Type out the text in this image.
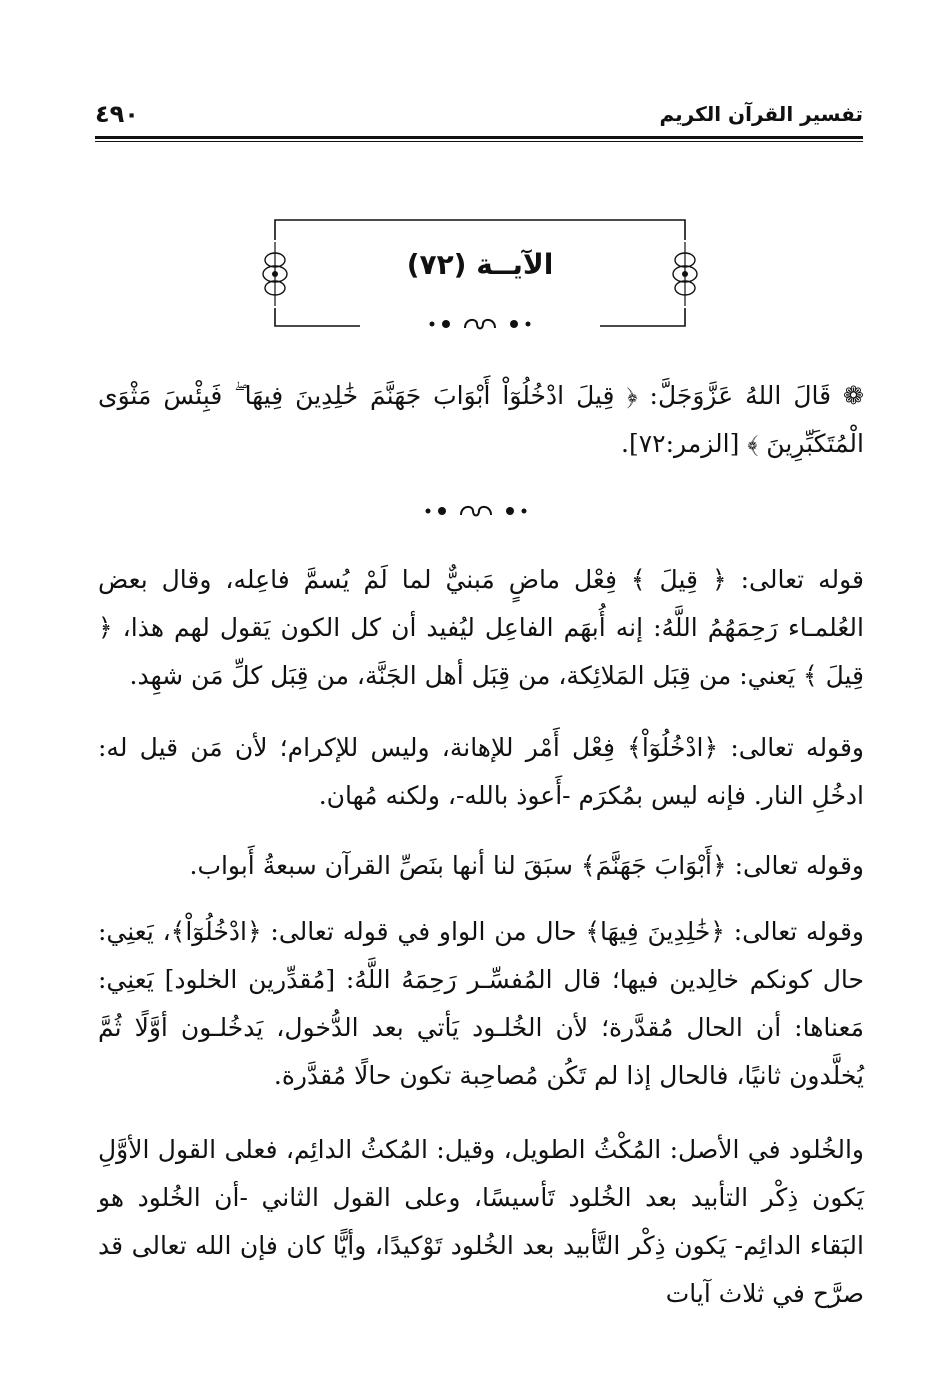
٤٩٠	تفسير القرآن الكريم
الآيــة (٧٢)
❁ قَالَ اللهُ عَزَّوَجَلَّ: ﴿ قِيلَ ادْخُلُوٓاْ أَبْوَابَ جَهَنَّمَ خَٰلِدِينَ فِيهَا ۖ فَبِئْسَ مَثْوَى الْمُتَكَبِّرِينَ ﴾ [الزمر:٧٢].
قوله تعالى: ﴿ قِيلَ ﴾ فِعْل ماضٍ مَبنيٌّ لما لَمْ يُسمَّ فاعِله، وقال بعض العُلمـاء رَحِمَهُمُ اللَّهُ: إنه أُبهَم الفاعِل ليُفيد أن كل الكون يَقول لهم هذا، ﴿ قِيلَ ﴾ يَعني: من قِبَل المَلائِكة، من قِبَل أهل الجَنَّة، من قِبَل كلِّ مَن شهِد.
وقوله تعالى: ﴿ادْخُلُوٓاْ﴾ فِعْل أَمْر للإهانة، وليس للإكرام؛ لأن مَن قيل له: ادخُلِ النار. فإنه ليس بمُكرَم -أَعوذ بالله-، ولكنه مُهان.
وقوله تعالى: ﴿أَبْوَابَ جَهَنَّمَ﴾ سبَقَ لنا أنها بنَصِّ القرآن سبعةُ أَبواب.
وقوله تعالى: ﴿خَٰلِدِينَ فِيهَا﴾ حال من الواو في قوله تعالى: ﴿ادْخُلُوٓاْ﴾، يَعنِي: حال كونكم خالِدين فيها؛ قال المُفسِّـر رَحِمَهُ اللَّهُ: [مُقدِّرين الخلود] يَعنِي: مَعناها: أن الحال مُقدَّرة؛ لأن الخُلـود يَأتي بعد الدُّخول، يَدخُلـون أوَّلًا ثُمَّ يُخلَّدون ثانيًا، فالحال إذا لم تَكُن مُصاحِبة تكون حالًا مُقدَّرة.
والخُلود في الأصل: المُكْثُ الطويل، وقيل: المُكثُ الدائِم، فعلى القول الأوَّلِ يَكون ذِكْر التأبيد بعد الخُلود تَأسيسًا، وعلى القول الثاني -أن الخُلود هو البَقاء الدائِم- يَكون ذِكْر التَّأبيد بعد الخُلود تَوْكيدًا، وأيًّا كان فإن الله تعالى قد صرَّح في ثلاث آيات
